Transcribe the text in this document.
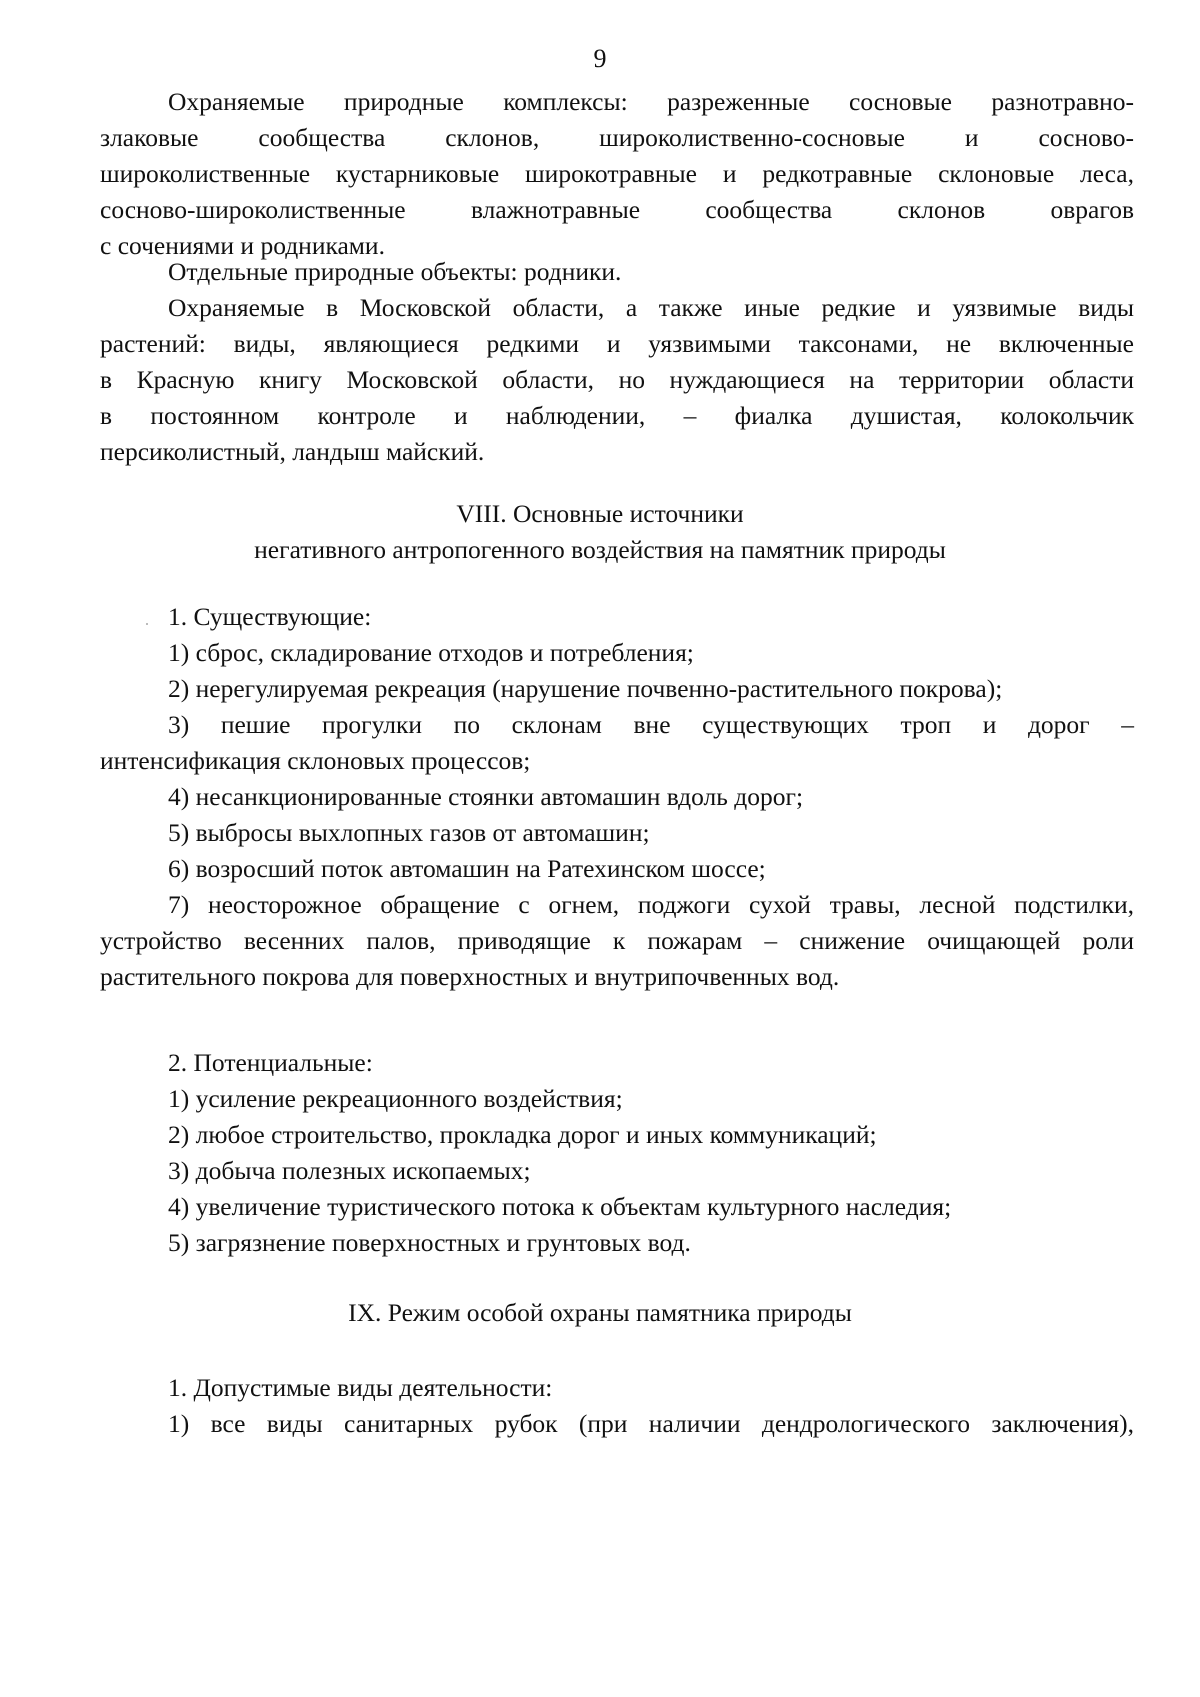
9
Охраняемые природные комплексы: разреженные сосновые разнотравно-
злаковые сообщества склонов, широколиственно-сосновые и сосново-
широколиственные кустарниковые широкотравные и редкотравные склоновые леса,
сосново-широколиственные влажнотравные сообщества склонов оврагов
с сочениями и родниками.
Отдельные природные объекты: родники.
Охраняемые в Московской области, а также иные редкие и уязвимые виды
растений: виды, являющиеся редкими и уязвимыми таксонами, не включенные
в Красную книгу Московской области, но нуждающиеся на территории области
в постоянном контроле и наблюдении, – фиалка душистая, колокольчик
персиколистный, ландыш майский.
VIII. Основные источники
негативного антропогенного воздействия на памятник природы
1. Существующие:
1) сброс, складирование отходов и потребления;
2) нерегулируемая рекреация (нарушение почвенно-растительного покрова);
3) пешие прогулки по склонам вне существующих троп и дорог –
интенсификация склоновых процессов;
4) несанкционированные стоянки автомашин вдоль дорог;
5) выбросы выхлопных газов от автомашин;
6) возросший поток автомашин на Ратехинском шоссе;
7) неосторожное обращение с огнем, поджоги сухой травы, лесной подстилки,
устройство весенних палов, приводящие к пожарам – снижение очищающей роли
растительного покрова для поверхностных и внутрипочвенных вод.
2. Потенциальные:
1) усиление рекреационного воздействия;
2) любое строительство, прокладка дорог и иных коммуникаций;
3) добыча полезных ископаемых;
4) увеличение туристического потока к объектам культурного наследия;
5) загрязнение поверхностных и грунтовых вод.
IX. Режим особой охраны памятника природы
1. Допустимые виды деятельности:
1) все виды санитарных рубок (при наличии дендрологического заключения),
